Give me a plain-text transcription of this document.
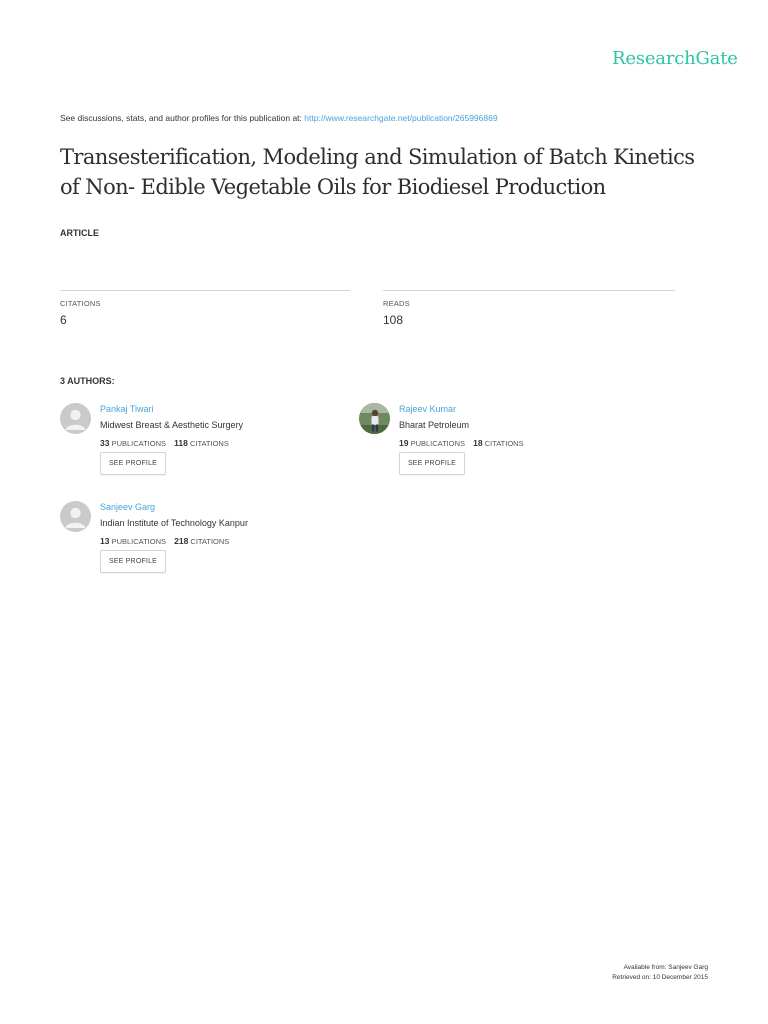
ResearchGate
See discussions, stats, and author profiles for this publication at: http://www.researchgate.net/publication/265996869
Transesterification, Modeling and Simulation of Batch Kinetics
of Non- Edible Vegetable Oils for Biodiesel Production
ARTICLE
CITATIONS
6
READS
108
3 AUTHORS:
Pankaj Tiwari
Midwest Breast & Aesthetic Surgery
33 PUBLICATIONS 118 CITATIONS
SEE PROFILE
Rajeev Kumar
Bharat Petroleum
19 PUBLICATIONS 18 CITATIONS
SEE PROFILE
Sanjeev Garg
Indian Institute of Technology Kanpur
13 PUBLICATIONS 218 CITATIONS
SEE PROFILE
Available from: Sanjeev Garg
Retrieved on: 10 December 2015
